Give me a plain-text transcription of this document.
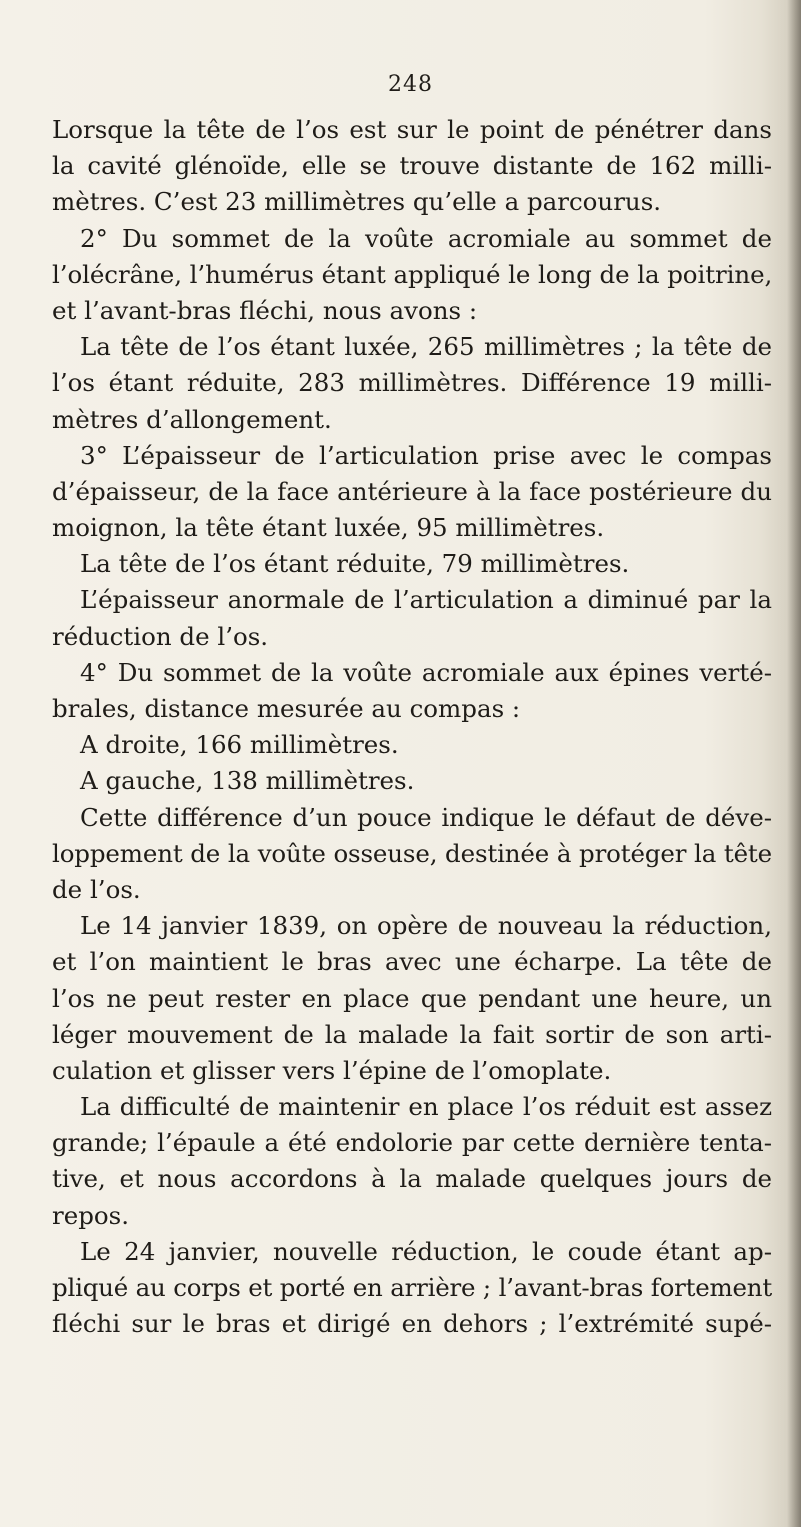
248
Lorsque la tête de l’os est sur le point de pénétrer dans
la cavité glénoïde, elle se trouve distante de 162 milli-
mètres. C’est 23 millimètres qu’elle a parcourus.
2° Du sommet de la voûte acromiale au sommet de
l’olécrâne, l’humérus étant appliqué le long de la poitrine,
et l’avant-bras fléchi, nous avons :
La tête de l’os étant luxée, 265 millimètres ; la tête de
l’os étant réduite, 283 millimètres. Différence 19 milli-
mètres d’allongement.
3° L’épaisseur de l’articulation prise avec le compas
d’épaisseur, de la face antérieure à la face postérieure du
moignon, la tête étant luxée, 95 millimètres.
La tête de l’os étant réduite, 79 millimètres.
L’épaisseur anormale de l’articulation a diminué par la
réduction de l’os.
4° Du sommet de la voûte acromiale aux épines verté-
brales, distance mesurée au compas :
A droite, 166 millimètres.
A gauche, 138 millimètres.
Cette différence d’un pouce indique le défaut de déve-
loppement de la voûte osseuse, destinée à protéger la tête
de l’os.
Le 14 janvier 1839, on opère de nouveau la réduction,
et l’on maintient le bras avec une écharpe. La tête de
l’os ne peut rester en place que pendant une heure, un
léger mouvement de la malade la fait sortir de son arti-
culation et glisser vers l’épine de l’omoplate.
La difficulté de maintenir en place l’os réduit est assez
grande; l’épaule a été endolorie par cette dernière tenta-
tive, et nous accordons à la malade quelques jours de
repos.
Le 24 janvier, nouvelle réduction, le coude étant ap-
pliqué au corps et porté en arrière ; l’avant-bras fortement
fléchi sur le bras et dirigé en dehors ; l’extrémité supé-
